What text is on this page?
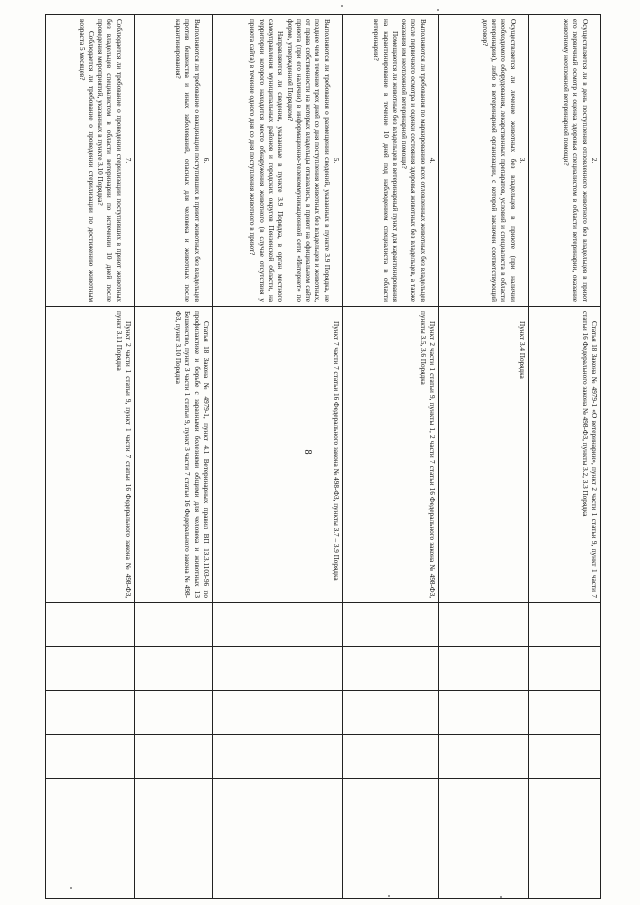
2.
Осуществляется ли в день поступления отловленного животного без владельцев в приют его первичный осмотр и оценка здоровья специалистом в области ветеринарии, оказание животному неотложной ветеринарной помощи?	Статья 18 Закона № 4979-1 «О ветеринарии», пункт 2 части 1 статьи 9, пункт 1 части 7 статьи 16 Федерального закона № 498-ФЗ, пункты 3.2, 3.3 Порядка					

3.
Осуществляется ли лечение животных без владельцев в приюте (при наличии необходимого оборудования, лекарственных препаратов, условий и специалиста в области ветеринарии), либо в ветеринарной организации, с которой заключен соответствующий договор?	Пункт 3.4 Порядка					

4.
Выполняются ли требования по маркированию всех отловленных животных без владельцев после первичного осмотра и оценки состояния здоровья животных без владельцев, а также оказания им неотложной ветеринарной помощи?

Помещаются ли животные без владельцев в ветеринарный пункт для карантинирования на карантинирование в течение 10 дней под наблюдением специалиста в области ветеринарии?	Пункт 2 части 1 статьи 9, пункты 1, 2 части 7 статьи 16 Федерального закона № 498-ФЗ, пункты 3.5, 3.6 Порядка					

5.
Выполняются ли требования о размещении сведений, указанных в пункте 3.9 Порядка, не позднее чем в течение трех дней со дня поступления животных без владельцев и животных, от права собственности на которых владельцы отказались, в приют на официальном сайте приюта (при его наличии) в информационно-телекоммуникационной сети «Интернет» по форме, утвержденной Порядком?

Направляются ли сведения, указанные в пункте 3.9 Порядка, в орган местного самоуправления муниципальных районов и городских округов Пензенской области, на территории которого находится место обнаружения животного (в случае отсутствия у приюта сайта) в течение одного дня со дня поступления животного в приют?	Пункт 7 части 7 статьи 16 Федерального закона № 498-ФЗ, пункты 3.7 – 3.9 Порядка					

6.
Выполняются ли требование о вакцинации поступивших в приют животных без владельцев против бешенства и иных заболеваний, опасных для человека и животных после карантинирования?	Статья 18 Закона № 4979-1, пункт 4.1 Ветеринарных правил ВП 13.3.1103-96 по профилактике и борьбе с заразными болезнями общими для человека и животных 13 Бешенство, пункт 3 части 1 статьи 9, пункт 3 части 7 статьи 16 Федерального закона № 498-ФЗ, пункт 3.10 Порядка					

7.
Соблюдается ли требование о проведении стерилизации поступивших в приют животных без владельцев специалистом в области ветеринарии по истечении 10 дней после проведения мероприятий, указанных в пункте 3.10 Порядка?

Соблюдается ли требование о проведении стерилизации по достижению животным возраста 5 месяцев?	Пункт 2 части 1 статьи 9, пункт 1 части 7 статьи 16 Федерального закона № 498-ФЗ, пункт 3.11 Порядка					

8
